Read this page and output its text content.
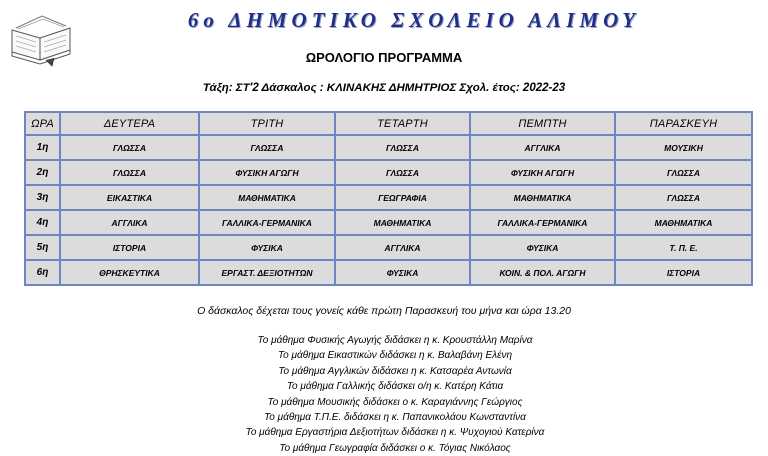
6ο ΔΗΜΟΤΙΚΟ ΣΧΟΛΕΙΟ ΑΛΙΜΟΥ
ΩΡΟΛΟΓΙΟ ΠΡΟΓΡΑΜΜΑ
Τάξη: ΣΤ'2 Δάσκαλος : ΚΛΙΝΑΚΗΣ ΔΗΜΗΤΡΙΟΣ Σχολ. έτος: 2022-23
ΩΡΑ	ΔΕΥΤΕΡΑ	ΤΡΙΤΗ	ΤΕΤΑΡΤΗ	ΠΕΜΠΤΗ	ΠΑΡΑΣΚΕΥΗ
1η	ΓΛΩΣΣΑ	ΓΛΩΣΣΑ	ΓΛΩΣΣΑ	ΑΓΓΛΙΚΑ	ΜΟΥΣΙΚΗ
2η	ΓΛΩΣΣΑ	ΦΥΣΙΚΗ ΑΓΩΓΗ	ΓΛΩΣΣΑ	ΦΥΣΙΚΗ ΑΓΩΓΗ	ΓΛΩΣΣΑ
3η	ΕΙΚΑΣΤΙΚΑ	ΜΑΘΗΜΑΤΙΚΑ	ΓΕΩΓΡΑΦΙΑ	ΜΑΘΗΜΑΤΙΚΑ	ΓΛΩΣΣΑ
4η	ΑΓΓΛΙΚΑ	ΓΑΛΛΙΚΑ-ΓΕΡΜΑΝΙΚΑ	ΜΑΘΗΜΑΤΙΚΑ	ΓΑΛΛΙΚΑ-ΓΕΡΜΑΝΙΚΑ	ΜΑΘΗΜΑΤΙΚΑ
5η	ΙΣΤΟΡΙΑ	ΦΥΣΙΚΑ	ΑΓΓΛΙΚΑ	ΦΥΣΙΚΑ	Τ. Π. Ε.
6η	ΘΡΗΣΚΕΥΤΙΚΑ	ΕΡΓΑΣΤ. ΔΕΞΙΟΤΗΤΩΝ	ΦΥΣΙΚΑ	ΚΟΙΝ. & ΠΟΛ. ΑΓΩΓΗ	ΙΣΤΟΡΙΑ
Ο δάσκαλος δέχεται τους γονείς κάθε πρώτη Παρασκευή του μήνα και ώρα 13.20
Το μάθημα Φυσικής Αγωγής διδάσκει η κ. Κρουστάλλη Μαρίνα
Το μάθημα Εικαστικών διδάσκει η κ. Βαλαβάνη Ελένη
Το μάθημα Αγγλικών διδάσκει η κ. Κατσαρέα Αντωνία
Το μάθημα Γαλλικής διδάσκει ο/η κ. Κατέρη Κάτια
Το μάθημα Μουσικής διδάσκει ο κ. Καραγιάννης Γεώργιος
Το μάθημα Τ.Π.Ε. διδάσκει η κ. Παπανικολάου Κωνσταντίνα
Το μάθημα Εργαστήρια Δεξιοτήτων διδάσκει η κ. Ψυχογιού Κατερίνα
Το μάθημα Γεωγραφία διδάσκει ο κ. Τόγιας Νικόλαος
